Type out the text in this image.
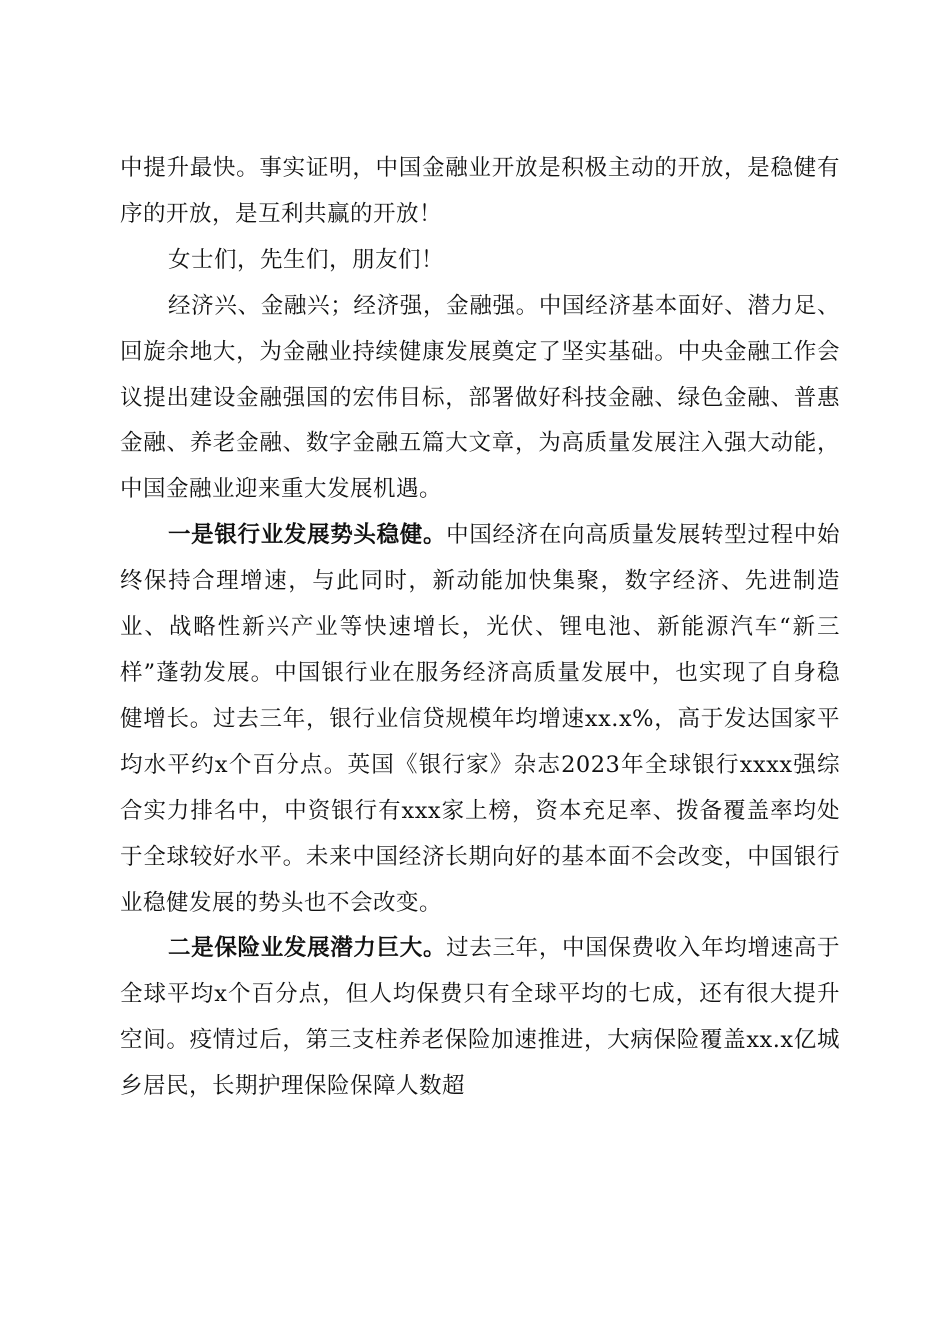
中提升最快。事实证明，中国金融业开放是积极主动的开放，是稳健有序的开放，是互利共赢的开放！

女士们，先生们，朋友们！

经济兴、金融兴；经济强，金融强。中国经济基本面好、潜力足、回旋余地大，为金融业持续健康发展奠定了坚实基础。中央金融工作会议提出建设金融强国的宏伟目标，部署做好科技金融、绿色金融、普惠金融、养老金融、数字金融五篇大文章，为高质量发展注入强大动能，中国金融业迎来重大发展机遇。

一是银行业发展势头稳健。中国经济在向高质量发展转型过程中始终保持合理增速，与此同时，新动能加快集聚，数字经济、先进制造业、战略性新兴产业等快速增长，光伏、锂电池、新能源汽车“新三样”蓬勃发展。中国银行业在服务经济高质量发展中，也实现了自身稳健增长。过去三年，银行业信贷规模年均增速xx.x%，高于发达国家平均水平约x个百分点。英国《银行家》杂志2023年全球银行xxxx强综合实力排名中，中资银行有xxx家上榜，资本充足率、拨备覆盖率均处于全球较好水平。未来中国经济长期向好的基本面不会改变，中国银行业稳健发展的势头也不会改变。

二是保险业发展潜力巨大。过去三年，中国保费收入年均增速高于全球平均x个百分点，但人均保费只有全球平均的七成，还有很大提升空间。疫情过后，第三支柱养老保险加速推进，大病保险覆盖xx.x亿城乡居民，长期护理保险保障人数超
